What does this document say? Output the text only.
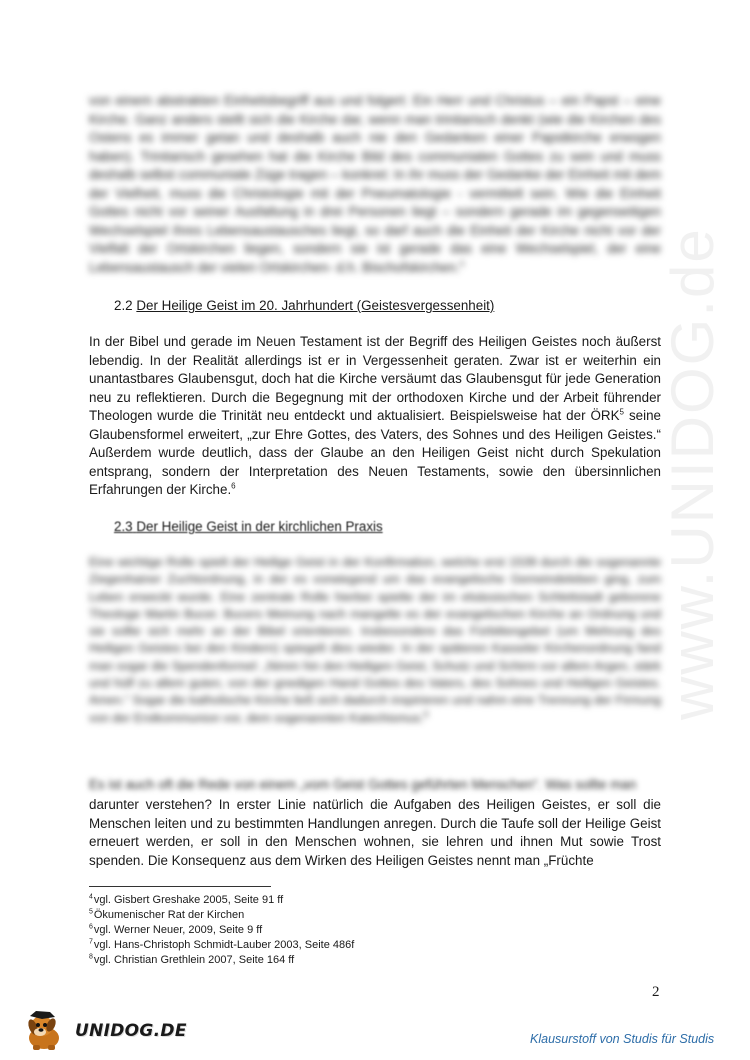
www.UNIDOG.de

von einem abstrakten Einheitsbegriff aus und folgert: Ein Herr und Christus – ein Papst – eine Kirche. Ganz anders stellt sich die Kirche dar, wenn man trinitarisch denkt (wie die Kirchen des Ostens es immer getan und deshalb auch nie den Gedanken einer Papstkirche erwogen haben). Trinitarisch gesehen hat die Kirche Bild des communialen Gottes zu sein und muss deshalb selbst communiale Züge tragen – konkret: In ihr muss der Gedanke der Einheit mit dem der Vielheit, muss die Christologie mit der Pneumatologie - vermittelt sein. Wie die Einheit Gottes nicht vor seiner Ausfaltung in drei Personen liegt – sondern gerade im gegenseitigen Wechselspiel ihres Lebensaustausches liegt, so darf auch die Einheit der Kirche nicht vor der Vielfalt der Ortskirchen liegen, sondern sie ist gerade das eine Wechselspiel, der eine Lebensaustausch der vielen Ortskirchen- d.h. Bischofskirchen.$^4$

2.2 Der Heilige Geist im 20. Jahrhundert (Geistesvergessenheit)

In der Bibel und gerade im Neuen Testament ist der Begriff des Heiligen Geistes noch äußerst lebendig. In der Realität allerdings ist er in Vergessenheit geraten. Zwar ist er weiterhin ein unantastbares Glaubensgut, doch hat die Kirche versäumt das Glaubensgut für jede Generation neu zu reflektieren. Durch die Begegnung mit der orthodoxen Kirche und der Arbeit führender Theologen wurde die Trinität neu entdeckt und aktualisiert. Beispielsweise hat der ÖRK$^5$ seine Glaubensformel erweitert, „zur Ehre Gottes, des Vaters, des Sohnes und des Heiligen Geistes.“ Außerdem wurde deutlich, dass der Glaube an den Heiligen Geist nicht durch Spekulation entsprang, sondern der Interpretation des Neuen Testaments, sowie den übersinnlichen Erfahrungen der Kirche.$^6$

2.3 Der Heilige Geist in der kirchlichen Praxis

Eine wichtige Rolle spielt der Heilige Geist in der Konfirmation, welche erst 1539 durch die sogenannte Ziegenhainer Zuchtordnung, in der es vorwiegend um das evangelische Gemeindeleben ging, zum Leben erweckt wurde. Eine zentrale Rolle hierbei spielte der im elsässischen Schlettstadt geborene Theologe Martin Bucer. Bucers Meinung nach mangelte es der evangelischen Kirche an Ordnung und sie sollte sich mehr an der Bibel orientieren. Insbesondere das Fürbittengebet (um Mehrung des Heiligen Geistes bei den Kindern) spiegelt dies wieder. In der späteren Kasseler Kirchenordnung fand man sogar die Spendenformel: „Nimm hin den Heiligen Geist, Schutz und Schirm vor allem Argen, stärk und hülf zu allem guten, von der gnedigen Hand Gottes des Vaters, des Sohnes und Heiligen Geistes. Amen.“ Sogar die katholische Kirche ließ sich dadurch inspirieren und nahm eine Trennung der Firmung von der Erstkommunion vor, dem sogenannten Katechismus.$^8$

Es ist auch oft die Rede von einem „vom Geist Gottes geführten Menschen“. Was sollte man

darunter verstehen? In erster Linie natürlich die Aufgaben des Heiligen Geistes, er soll die Menschen leiten und zu bestimmten Handlungen anregen. Durch die Taufe soll der Heilige Geist erneuert werden, er soll in den Menschen wohnen, sie lehren und ihnen Mut sowie Trost spenden. Die Konsequenz aus dem Wirken des Heiligen Geistes nennt man „Früchte

$^4$ vgl. Gisbert Greshake 2005, Seite 91 ff
$^5$ Ökumenischer Rat der Kirchen
$^6$ vgl. Werner Neuer, 2009, Seite 9 ff
$^7$ vgl. Hans-Christoph Schmidt-Lauber 2003, Seite 486f
$^8$ vgl. Christian Grethlein 2007, Seite 164 ff
2
UNIDOG.DE	Klausurstoff von Studis für Studis
